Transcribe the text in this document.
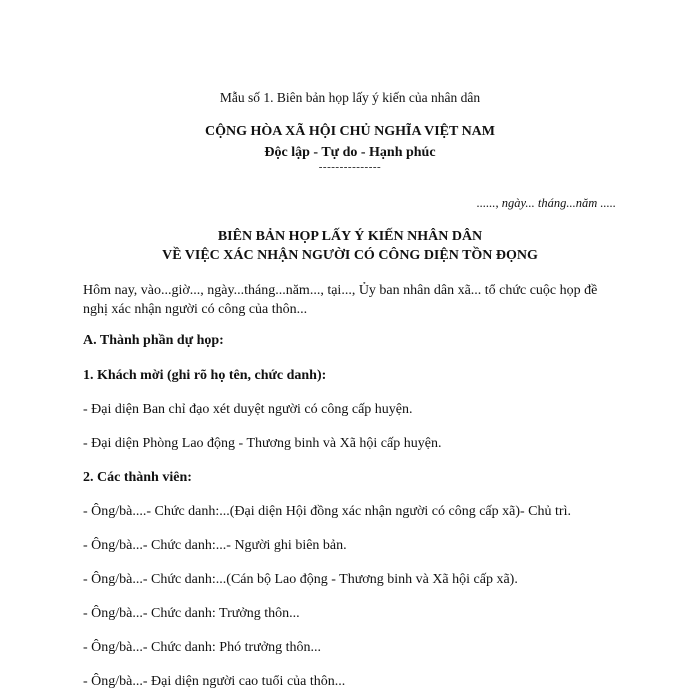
Mẫu số 1. Biên bản họp lấy ý kiến của nhân dân
CỘNG HÒA XÃ HỘI CHỦ NGHĨA VIỆT NAM
Độc lập - Tự do - Hạnh phúc
---------------
......, ngày... tháng...năm .....
BIÊN BẢN HỌP LẤY Ý KIẾN NHÂN DÂN
VỀ VIỆC XÁC NHẬN NGƯỜI CÓ CÔNG DIỆN TỒN ĐỌNG
Hôm nay, vào...giờ..., ngày...tháng...năm..., tại..., Ủy ban nhân dân xã... tổ chức cuộc họp đề nghị xác nhận người có công của thôn...
A. Thành phần dự họp:
1. Khách mời (ghi rõ họ tên, chức danh):
- Đại diện Ban chỉ đạo xét duyệt người có công cấp huyện.
- Đại diện Phòng Lao động - Thương binh và Xã hội cấp huyện.
2. Các thành viên:
- Ông/bà....- Chức danh:...(Đại diện Hội đồng xác nhận người có công cấp xã)- Chủ trì.
- Ông/bà...- Chức danh:...- Người ghi biên bản.
- Ông/bà...- Chức danh:...(Cán bộ Lao động - Thương binh và Xã hội cấp xã).
- Ông/bà...- Chức danh: Trưởng thôn...
- Ông/bà...- Chức danh: Phó trưởng thôn...
- Ông/bà...- Đại diện người cao tuổi của thôn...
